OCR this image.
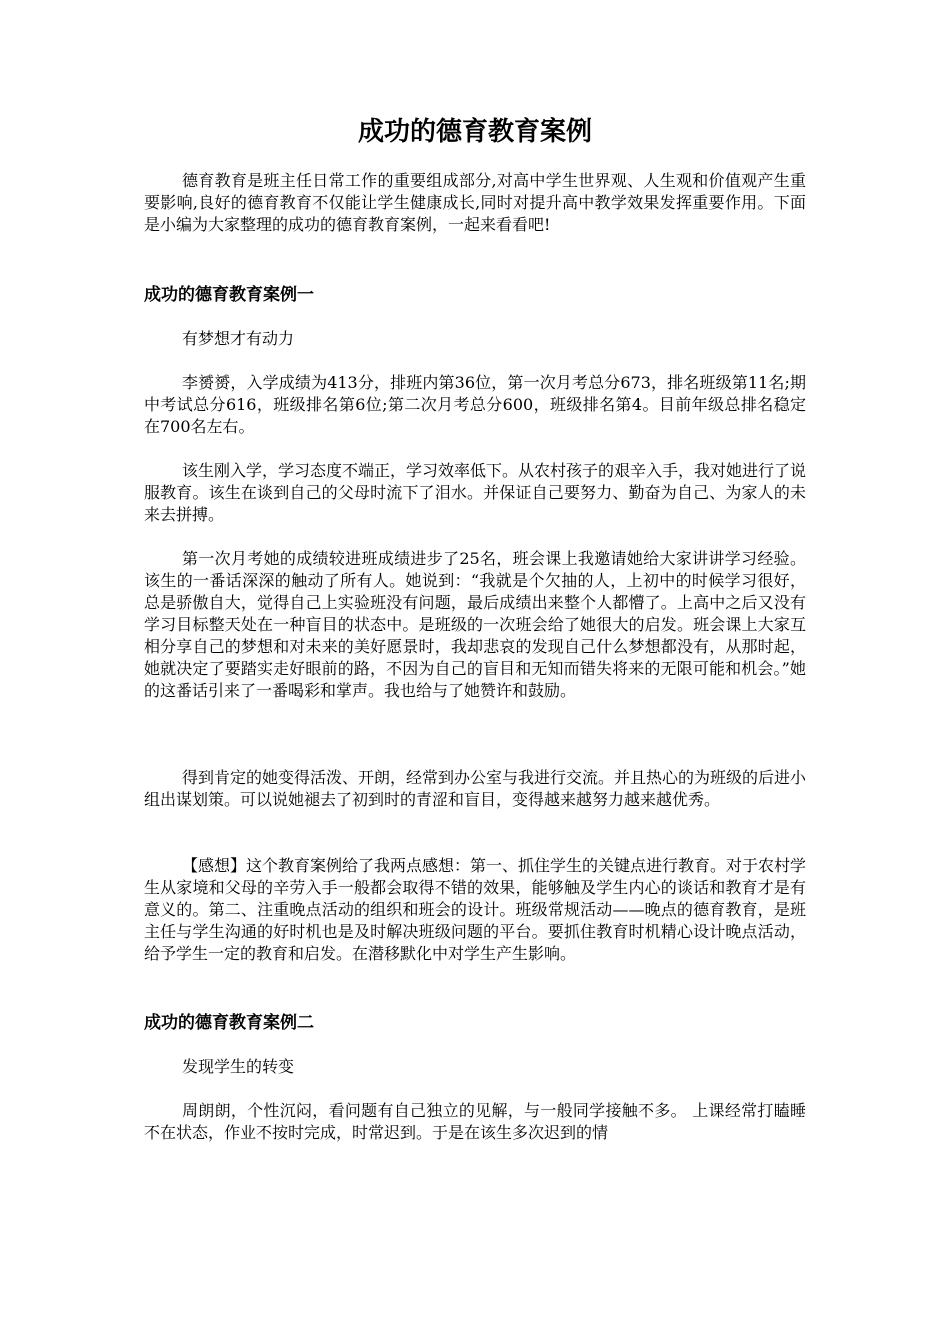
成功的德育教育案例

德育教育是班主任日常工作的重要组成部分,对高中学生世界观、人生观和价值观产生重要影响,良好的德育教育不仅能让学生健康成长,同时对提升高中教学效果发挥重要作用。下面是小编为大家整理的成功的德育教育案例，一起来看看吧!

成功的德育教育案例一

有梦想才有动力

李赟赟，入学成绩为413分，排班内第36位，第一次月考总分673，排名班级第11名;期中考试总分616，班级排名第6位;第二次月考总分600，班级排名第4。目前年级总排名稳定在700名左右。

该生刚入学，学习态度不端正，学习效率低下。从农村孩子的艰辛入手，我对她进行了说服教育。该生在谈到自己的父母时流下了泪水。并保证自己要努力、勤奋为自己、为家人的未来去拼搏。

第一次月考她的成绩较进班成绩进步了25名，班会课上我邀请她给大家讲讲学习经验。该生的一番话深深的触动了所有人。她说到：“我就是个欠抽的人，上初中的时候学习很好，总是骄傲自大，觉得自己上实验班没有问题，最后成绩出来整个人都懵了。上高中之后又没有学习目标整天处在一种盲目的状态中。是班级的一次班会给了她很大的启发。班会课上大家互相分享自己的梦想和对未来的美好愿景时，我却悲哀的发现自己什么梦想都没有，从那时起，她就决定了要踏实走好眼前的路，不因为自己的盲目和无知而错失将来的无限可能和机会。”她的这番话引来了一番喝彩和掌声。我也给与了她赞许和鼓励。

得到肯定的她变得活泼、开朗，经常到办公室与我进行交流。并且热心的为班级的后进小组出谋划策。可以说她褪去了初到时的青涩和盲目，变得越来越努力越来越优秀。

【感想】这个教育案例给了我两点感想：第一、抓住学生的关键点进行教育。对于农村学生从家境和父母的辛劳入手一般都会取得不错的效果，能够触及学生内心的谈话和教育才是有意义的。第二、注重晚点活动的组织和班会的设计。班级常规活动——晚点的德育教育，是班主任与学生沟通的好时机也是及时解决班级问题的平台。要抓住教育时机精心设计晚点活动，给予学生一定的教育和启发。在潜移默化中对学生产生影响。

成功的德育教育案例二

发现学生的转变

周朗朗，个性沉闷，看问题有自己独立的见解，与一般同学接触不多。 上课经常打瞌睡不在状态，作业不按时完成，时常迟到。于是在该生多次迟到的情
